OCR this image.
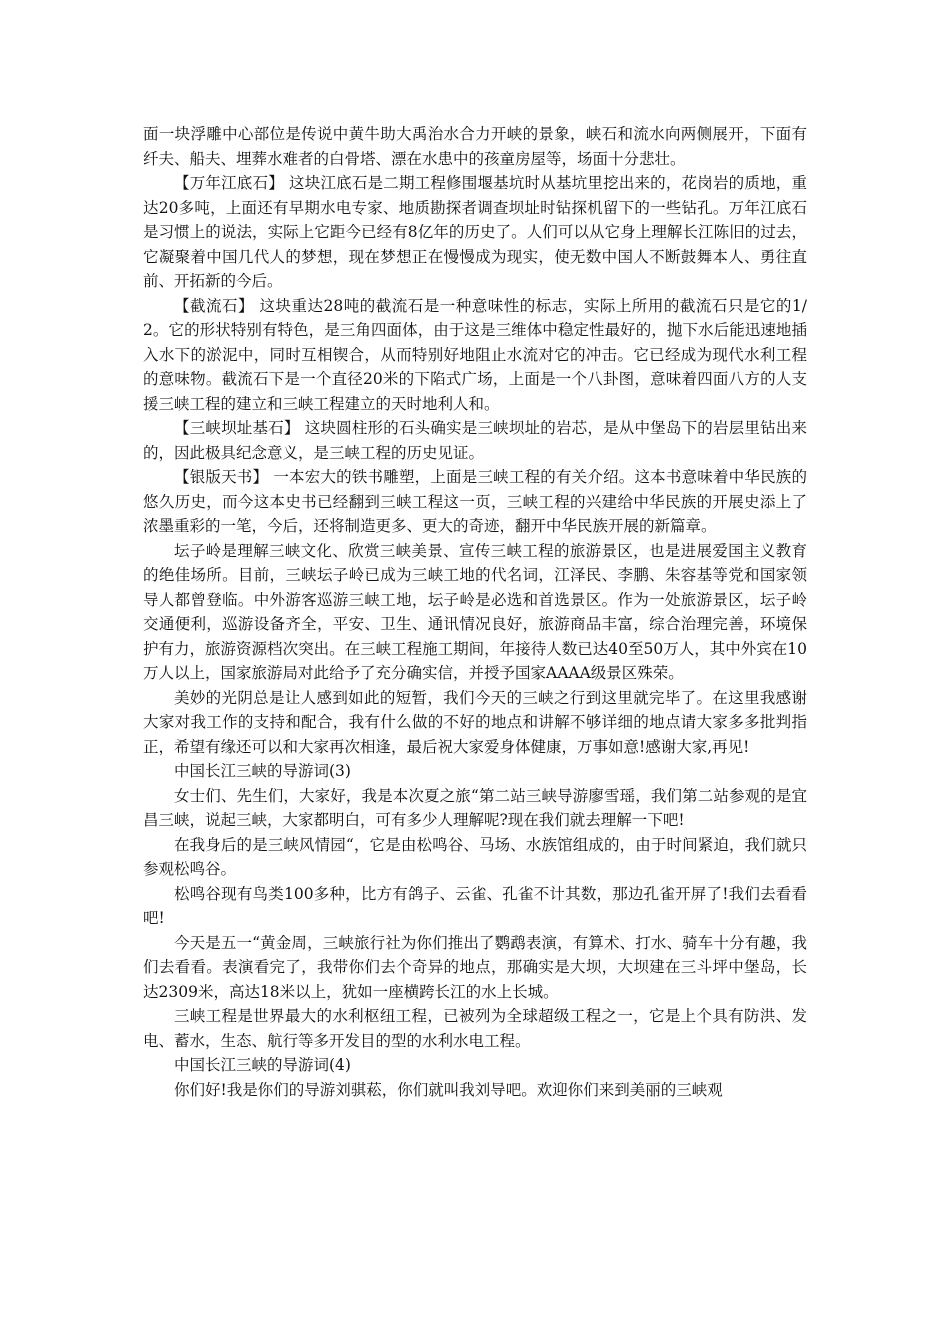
面一块浮雕中心部位是传说中黄牛助大禹治水合力开峡的景象，峡石和流水向两侧展开，下面有纤夫、船夫、埋葬水难者的白骨塔、漂在水患中的孩童房屋等，场面十分悲壮。

【万年江底石】 这块江底石是二期工程修围堰基坑时从基坑里挖出来的，花岗岩的质地，重达20多吨，上面还有早期水电专家、地质勘探者调查坝址时钻探机留下的一些钻孔。万年江底石是习惯上的说法，实际上它距今已经有8亿年的历史了。人们可以从它身上理解长江陈旧的过去，它凝聚着中国几代人的梦想，现在梦想正在慢慢成为现实，使无数中国人不断鼓舞本人、勇往直前、开拓新的今后。

【截流石】 这块重达28吨的截流石是一种意味性的标志，实际上所用的截流石只是它的1/2。它的形状特别有特色，是三角四面体，由于这是三维体中稳定性最好的，抛下水后能迅速地插入水下的淤泥中，同时互相锲合，从而特别好地阻止水流对它的冲击。它已经成为现代水利工程的意味物。截流石下是一个直径20米的下陷式广场，上面是一个八卦图，意味着四面八方的人支援三峡工程的建立和三峡工程建立的天时地利人和。

【三峡坝址基石】 这块圆柱形的石头确实是三峡坝址的岩芯，是从中堡岛下的岩层里钻出来的，因此极具纪念意义，是三峡工程的历史见证。

【银版天书】 一本宏大的铁书雕塑，上面是三峡工程的有关介绍。这本书意味着中华民族的悠久历史，而今这本史书已经翻到三峡工程这一页，三峡工程的兴建给中华民族的开展史添上了浓墨重彩的一笔，今后，还将制造更多、更大的奇迹，翻开中华民族开展的新篇章。

坛子岭是理解三峡文化、欣赏三峡美景、宣传三峡工程的旅游景区，也是进展爱国主义教育的绝佳场所。目前，三峡坛子岭已成为三峡工地的代名词，江泽民、李鹏、朱容基等党和国家领导人都曾登临。中外游客巡游三峡工地，坛子岭是必选和首选景区。作为一处旅游景区，坛子岭交通便利，巡游设备齐全，平安、卫生、通讯情况良好，旅游商品丰富，综合治理完善，环境保护有力，旅游资源档次突出。在三峡工程施工期间，年接待人数已达40至50万人，其中外宾在10万人以上，国家旅游局对此给予了充分确实信，并授予国家AAAA级景区殊荣。

美妙的光阴总是让人感到如此的短暂，我们今天的三峡之行到这里就完毕了。在这里我感谢大家对我工作的支持和配合，我有什么做的不好的地点和讲解不够详细的地点请大家多多批判指正，希望有缘还可以和大家再次相逢，最后祝大家爱身体健康，万事如意!感谢大家,再见!

中国长江三峡的导游词(3)

女士们、先生们，大家好，我是本次夏之旅“第二站三峡导游廖雪瑶，我们第二站参观的是宜昌三峡，说起三峡，大家都明白，可有多少人理解呢?现在我们就去理解一下吧!

在我身后的是三峡风情园“，它是由松鸣谷、马场、水族馆组成的，由于时间紧迫，我们就只参观松鸣谷。

松鸣谷现有鸟类100多种，比方有鸽子、云雀、孔雀不计其数，那边孔雀开屏了!我们去看看吧!

今天是五一“黄金周，三峡旅行社为你们推出了鹦鹉表演，有算术、打水、骑车十分有趣，我们去看看。表演看完了，我带你们去个奇异的地点，那确实是大坝，大坝建在三斗坪中堡岛，长达2309米，高达18米以上，犹如一座横跨长江的水上长城。

三峡工程是世界最大的水利枢纽工程，已被列为全球超级工程之一，它是上个具有防洪、发电、蓄水，生态、航行等多开发目的型的水利水电工程。

中国长江三峡的导游词(4)

你们好!我是你们的导游刘骐菘，你们就叫我刘导吧。欢迎你们来到美丽的三峡观
